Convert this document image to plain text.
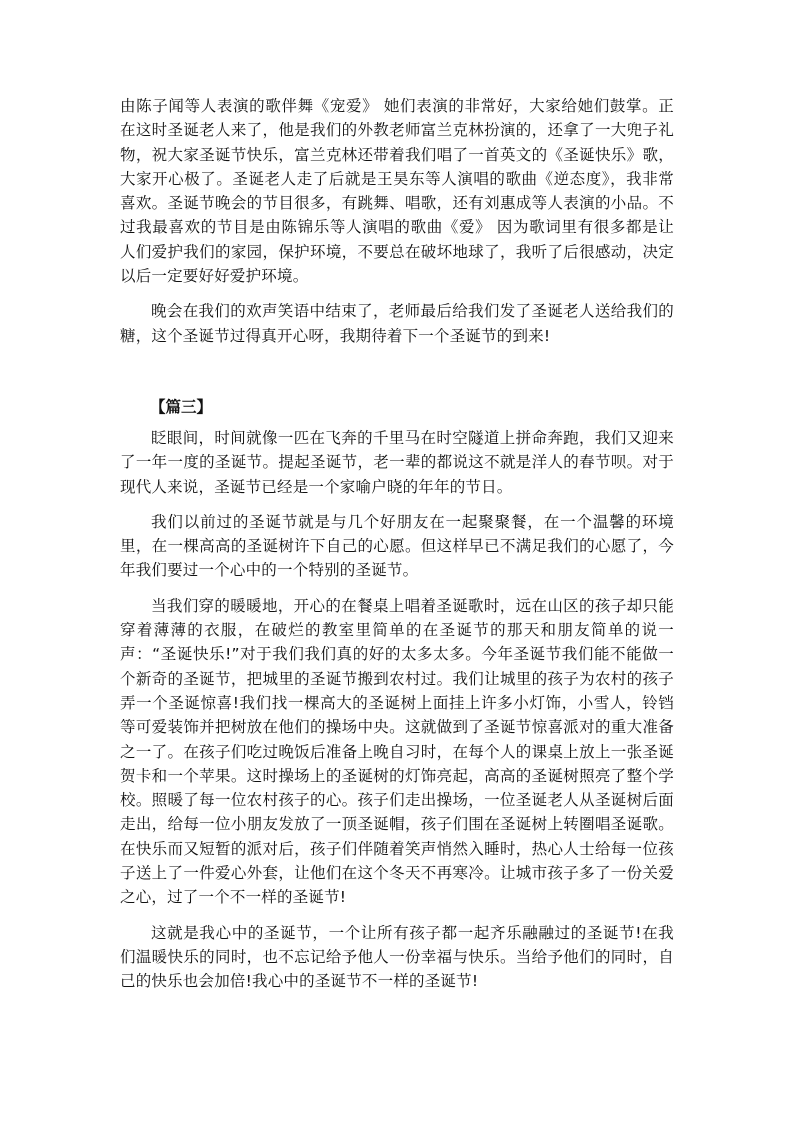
由陈子闻等人表演的歌伴舞《宠爱》 她们表演的非常好，大家给她们鼓掌。正在这时圣诞老人来了，他是我们的外教老师富兰克林扮演的，还拿了一大兜子礼物，祝大家圣诞节快乐，富兰克林还带着我们唱了一首英文的《圣诞快乐》歌，大家开心极了。圣诞老人走了后就是王昊东等人演唱的歌曲《逆态度》，我非常喜欢。圣诞节晚会的节目很多，有跳舞、唱歌，还有刘惠成等人表演的小品。不过我最喜欢的节目是由陈锦乐等人演唱的歌曲《爱》 因为歌词里有很多都是让人们爱护我们的家园，保护环境，不要总在破坏地球了，我听了后很感动，决定以后一定要好好爱护环境。

晚会在我们的欢声笑语中结束了，老师最后给我们发了圣诞老人送给我们的糖，这个圣诞节过得真开心呀，我期待着下一个圣诞节的到来!

【篇三】

眨眼间，时间就像一匹在飞奔的千里马在时空隧道上拼命奔跑，我们又迎来了一年一度的圣诞节。提起圣诞节，老一辈的都说这不就是洋人的春节呗。对于现代人来说，圣诞节已经是一个家喻户晓的年年的节日。

我们以前过的圣诞节就是与几个好朋友在一起聚聚餐，在一个温馨的环境里，在一棵高高的圣诞树许下自己的心愿。但这样早已不满足我们的心愿了，今年我们要过一个心中的一个特别的圣诞节。

当我们穿的暖暖地，开心的在餐桌上唱着圣诞歌时，远在山区的孩子却只能穿着薄薄的衣服，在破烂的教室里简单的在圣诞节的那天和朋友简单的说一声：“圣诞快乐!”对于我们我们真的好的太多太多。今年圣诞节我们能不能做一个新奇的圣诞节，把城里的圣诞节搬到农村过。我们让城里的孩子为农村的孩子弄一个圣诞惊喜!我们找一棵高大的圣诞树上面挂上许多小灯饰，小雪人，铃铛等可爱装饰并把树放在他们的操场中央。这就做到了圣诞节惊喜派对的重大准备之一了。在孩子们吃过晚饭后准备上晚自习时，在每个人的课桌上放上一张圣诞贺卡和一个苹果。这时操场上的圣诞树的灯饰亮起，高高的圣诞树照亮了整个学校。照暖了每一位农村孩子的心。孩子们走出操场，一位圣诞老人从圣诞树后面走出，给每一位小朋友发放了一顶圣诞帽，孩子们围在圣诞树上转圈唱圣诞歌。在快乐而又短暂的派对后，孩子们伴随着笑声悄然入睡时，热心人士给每一位孩子送上了一件爱心外套，让他们在这个冬天不再寒冷。让城市孩子多了一份关爱之心，过了一个不一样的圣诞节!

这就是我心中的圣诞节，一个让所有孩子都一起齐乐融融过的圣诞节!在我们温暖快乐的同时，也不忘记给予他人一份幸福与快乐。当给予他们的同时，自己的快乐也会加倍!我心中的圣诞节不一样的圣诞节!
